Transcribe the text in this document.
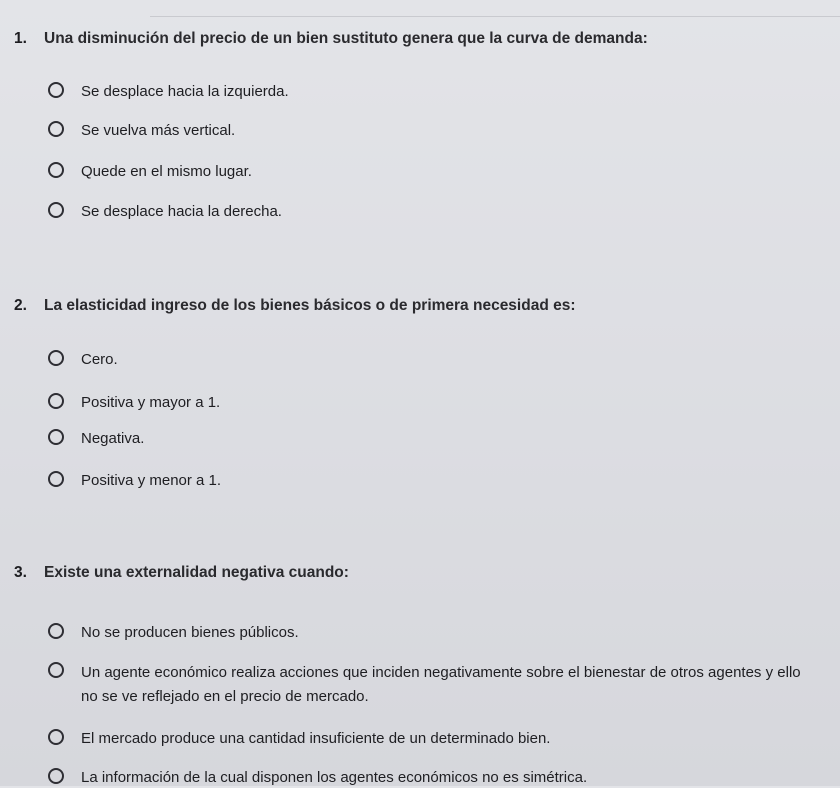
1. Una disminución del precio de un bien sustituto genera que la curva de demanda:
Se desplace hacia la izquierda.
Se vuelva más vertical.
Quede en el mismo lugar.
Se desplace hacia la derecha.
2. La elasticidad ingreso de los bienes básicos o de primera necesidad es:
Cero.
Positiva y mayor a 1.
Negativa.
Positiva y menor a 1.
3. Existe una externalidad negativa cuando:
No se producen bienes públicos.
Un agente económico realiza acciones que inciden negativamente sobre el bienestar de otros agentes y ello no se ve reflejado en el precio de mercado.
El mercado produce una cantidad insuficiente de un determinado bien.
La información de la cual disponen los agentes económicos no es simétrica.
